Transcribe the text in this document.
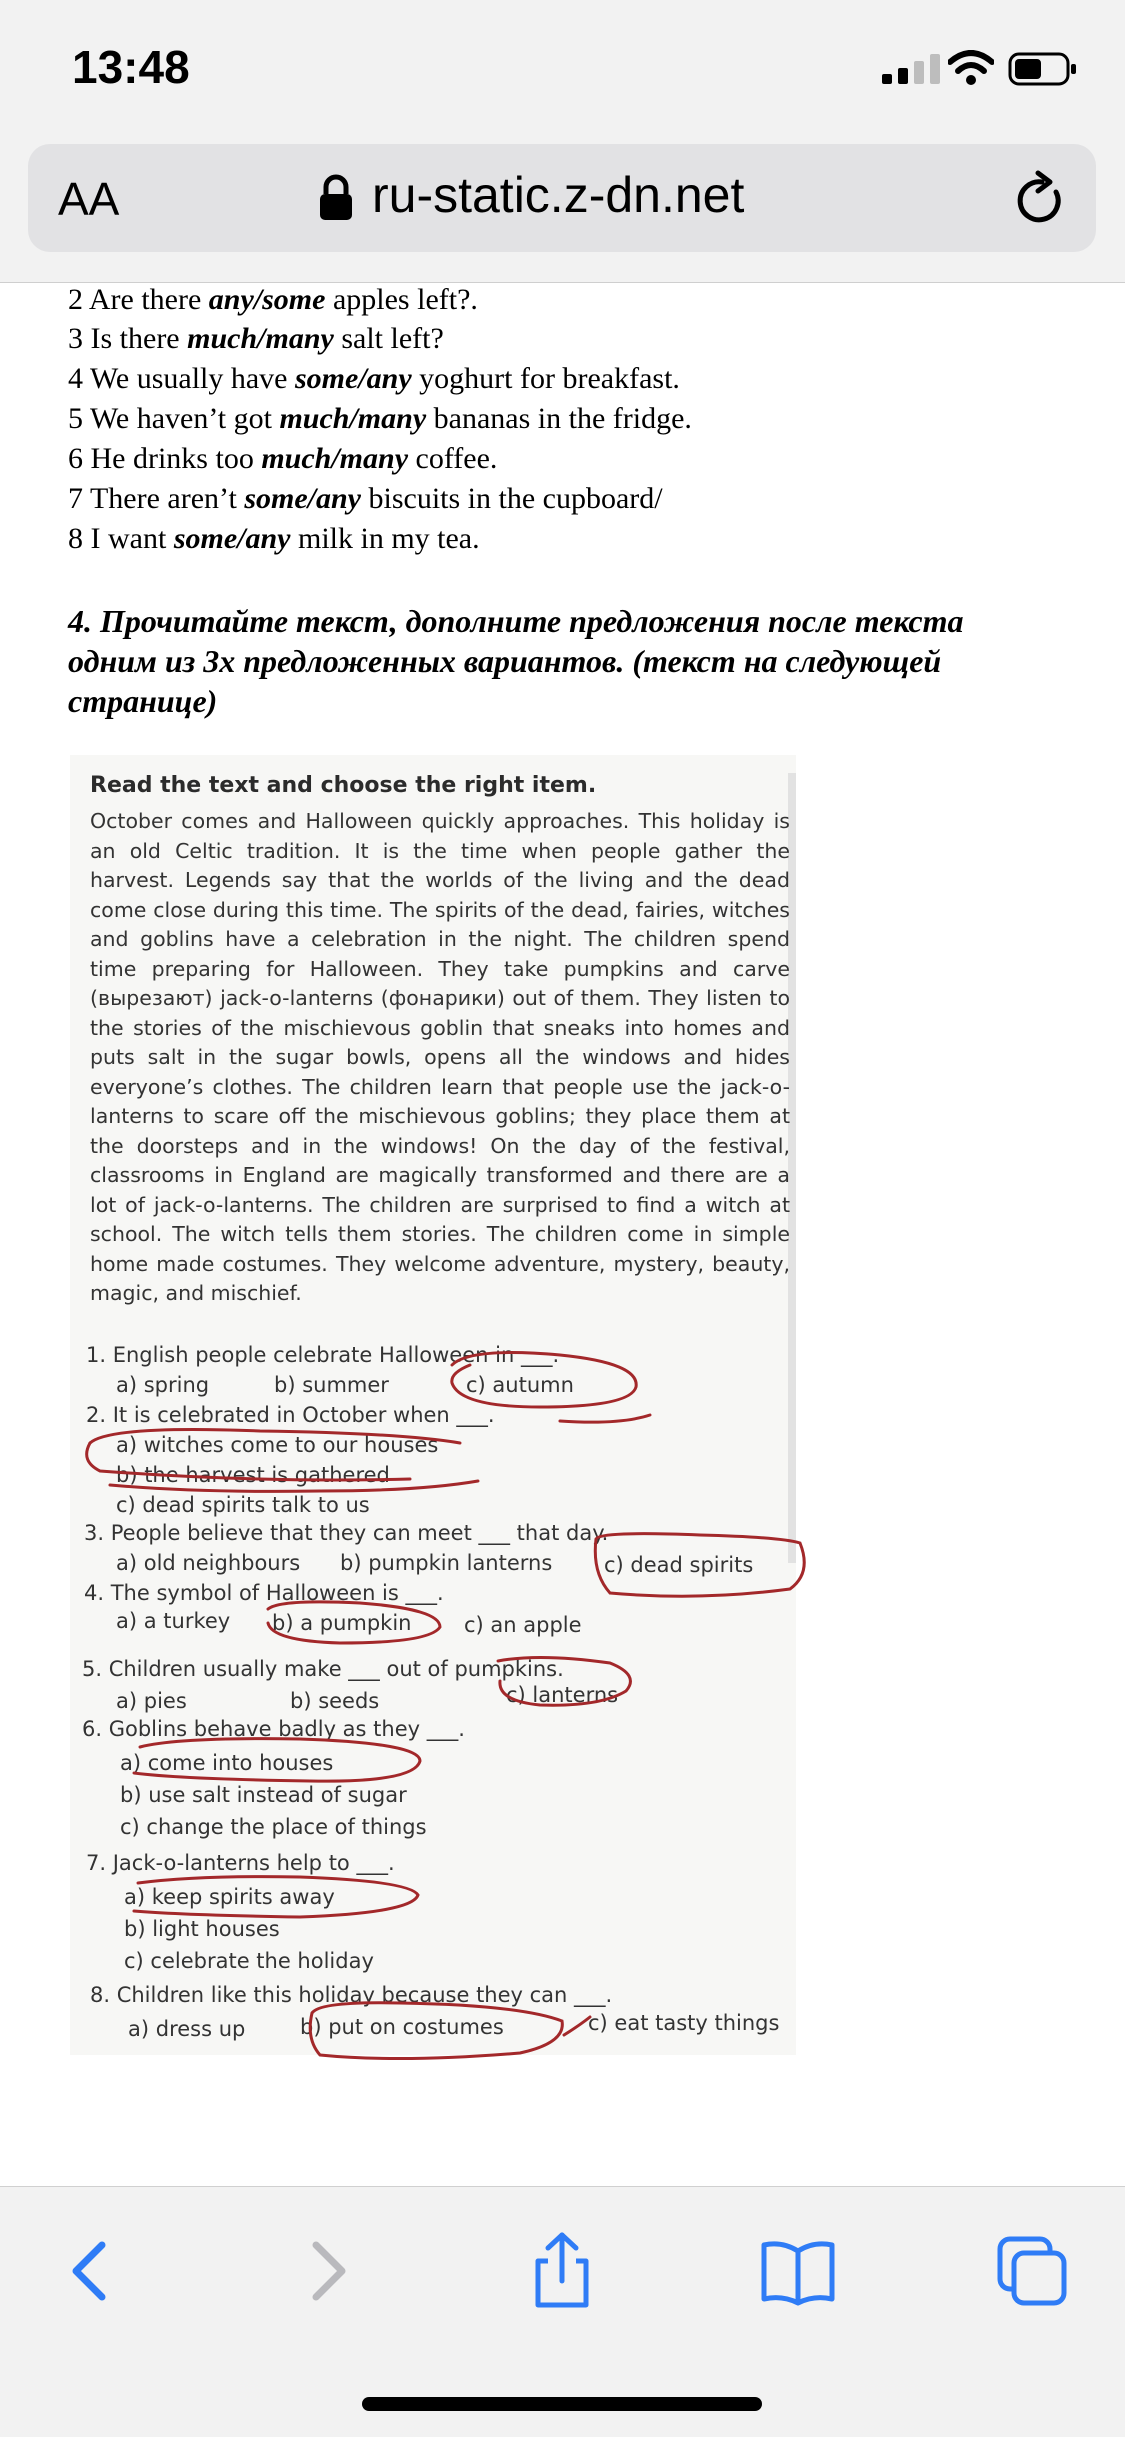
13:48
AA	ru-static.z-dn.net
2 Are there any/some apples left?.
3 Is there much/many salt left?
4 We usually have some/any yoghurt for breakfast.
5 We haven’t got much/many bananas in the fridge.
6 He drinks too much/many coffee.
7 There aren’t some/any biscuits in the cupboard/
8 I want some/any milk in my tea.
4. Прочитайте текст, дополните предложения после текста
одним из 3х предложенных вариантов. (текст на следующей
странице)
Read the text and choose the right item.
October comes and Halloween quickly approaches. This holiday is an old Celtic tradition. It is the time when people gather the harvest. Legends say that the worlds of the living and the dead come close during this time. The spirits of the dead, fairies, witches and goblins have a celebration in the night. The children spend time preparing for Halloween. They take pumpkins and carve (вырезают) jack-o-lanterns (фонарики) out of them. They listen to the stories of the mischievous goblin that sneaks into homes and puts salt in the sugar bowls, opens all the windows and hides everyone’s clothes. The children learn that people use the jack-o-lanterns to scare off the mischievous goblins; they place them at the doorsteps and in the windows! On the day of the festival, classrooms in England are magically transformed and there are a lot of jack-o-lanterns. The children are surprised to find a witch at school. The witch tells them stories. The children come in simple home made costumes. They welcome adventure, mystery, beauty, magic, and mischief.
1. English people celebrate Halloween in ___.
a) spring	b) summer	c) autumn
2. It is celebrated in October when ___.
a) witches come to our houses
b) the harvest is gathered
c) dead spirits talk to us
3. People believe that they can meet ___ that day.
a) old neighbours b) pumpkin lanterns c) dead spirits
4. The symbol of Halloween is ___.
a) a turkey b) a pumpkin	c) an apple
5. Children usually make ___ out of pumpkins.
a) pies	b) seeds	c) lanterns
6. Goblins behave badly as they ___.
a) come into houses
b) use salt instead of sugar
c) change the place of things
7. Jack-o-lanterns help to ___.
a) keep spirits away
b) light houses
c) celebrate the holiday
8. Children like this holiday because they can ___.
a) dress up	b) put on costumes	c) eat tasty things
